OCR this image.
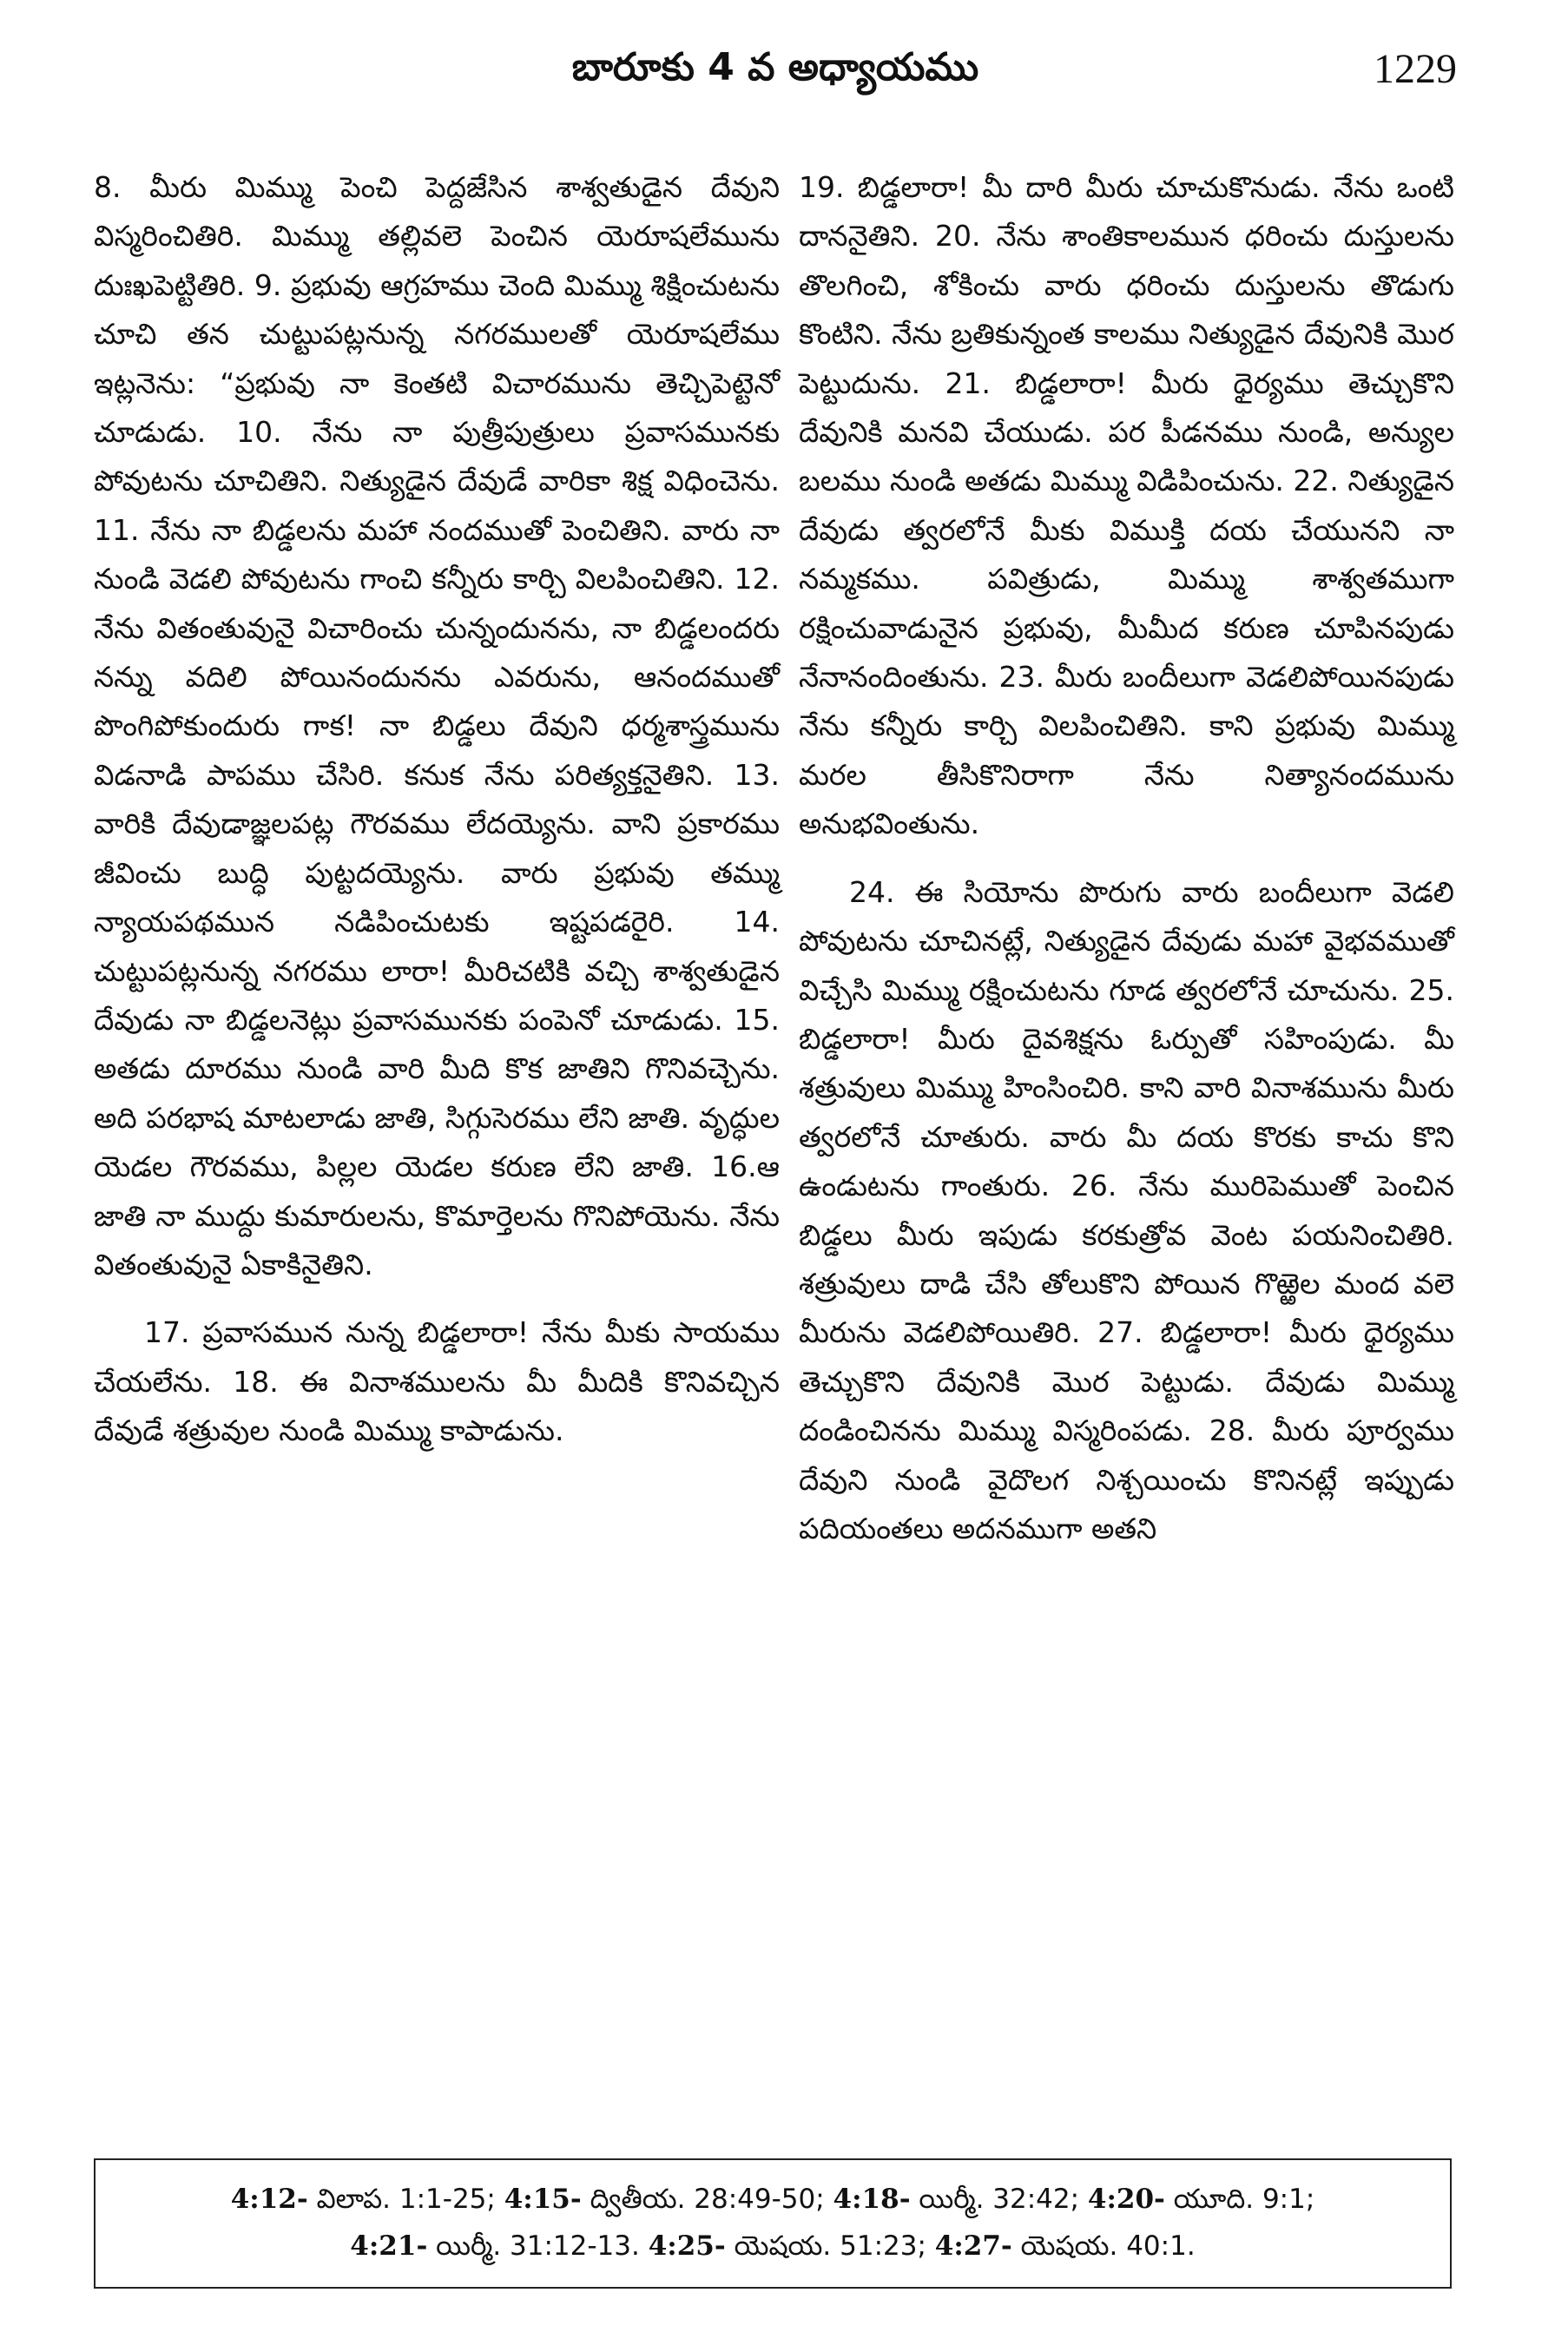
బారూకు 4 వ అధ్యాయము	1229

8. మీరు మిమ్ము పెంచి పెద్దజేసిన శాశ్వతుడైన దేవుని విస్మరించితిరి. మిమ్ము తల్లివలె పెంచిన యెరూషలేమును దుఃఖపెట్టితిరి. 9. ప్రభువు ఆగ్రహము చెంది మిమ్ము శిక్షించుటను చూచి తన చుట్టుపట్లనున్న నగరములతో యెరూషలేము ఇట్లనెను: “ప్రభువు నా కెంతటి విచారమును తెచ్చిపెట్టెనో చూడుడు. 10. నేను నా పుత్రీపుత్రులు ప్రవాసమునకు పోవుటను చూచితిని. నిత్యుడైన దేవుడే వారికా శిక్ష విధించెను. 11. నేను నా బిడ్డలను మహా నందముతో పెంచితిని. వారు నా నుండి వెడలి పోవుటను గాంచి కన్నీరు కార్చి విలపించితిని. 12. నేను వితంతువునై విచారించు చున్నందునను, నా బిడ్డలందరు నన్ను వదిలి పోయినందునను ఎవరును, ఆనందముతో పొంగిపోకుందురు గాక! నా బిడ్డలు దేవుని ధర్మశాస్త్రమును విడనాడి పాపము చేసిరి. కనుక నేను పరిత్యక్తనైతిని. 13. వారికి దేవుడాజ్ఞలపట్ల గౌరవము లేదయ్యెను. వాని ప్రకారము జీవించు బుద్ధి పుట్టదయ్యెను. వారు ప్రభువు తమ్ము న్యాయపథమున నడిపించుటకు ఇష్టపడరైరి. 14. చుట్టుపట్లనున్న నగరము లారా! మీరిచటికి వచ్చి శాశ్వతుడైన దేవుడు నా బిడ్డలనెట్లు ప్రవాసమునకు పంపెనో చూడుడు. 15. అతడు దూరము నుండి వారి మీది కొక జాతిని గొనివచ్చెను. అది పరభాష మాటలాడు జాతి, సిగ్గుసెరము లేని జాతి. వృద్ధుల యెడల గౌరవము, పిల్లల యెడల కరుణ లేని జాతి. 16.ఆ జాతి నా ముద్దు కుమారులను, కొమార్తెలను గొనిపోయెను. నేను వితంతువునై ఏకాకినైతిని.

17. ప్రవాసమున నున్న బిడ్డలారా! నేను మీకు సాయము చేయలేను. 18. ఈ వినాశములను మీ మీదికి కొనివచ్చిన దేవుడే శత్రువుల నుండి మిమ్ము కాపాడును.

19. బిడ్డలారా! మీ దారి మీరు చూచుకొనుడు. నేను ఒంటి దాననైతిని. 20. నేను శాంతికాలమున ధరించు దుస్తులను తొలగించి, శోకించు వారు ధరించు దుస్తులను తొడుగు కొంటిని. నేను బ్రతికున్నంత కాలము నిత్యుడైన దేవునికి మొర పెట్టుదును. 21. బిడ్డలారా! మీరు ధైర్యము తెచ్చుకొని దేవునికి మనవి చేయుడు. పర పీడనము నుండి, అన్యుల బలము నుండి అతడు మిమ్ము విడిపించును. 22. నిత్యుడైన దేవుడు త్వరలోనే మీకు విముక్తి దయ చేయునని నా నమ్మకము. పవిత్రుడు, మిమ్ము శాశ్వతముగా రక్షించువాడునైన ప్రభువు, మీమీద కరుణ చూపినపుడు నేనానందింతును. 23. మీరు బందీలుగా వెడలిపోయినపుడు నేను కన్నీరు కార్చి విలపించితిని. కాని ప్రభువు మిమ్ము మరల తీసికొనిరాగా నేను నిత్యానందమును అనుభవింతును.

24. ఈ సియోను పొరుగు వారు బందీలుగా వెడలి పోవుటను చూచినట్లే, నిత్యుడైన దేవుడు మహా వైభవముతో విచ్చేసి మిమ్ము రక్షించుటను గూడ త్వరలోనే చూచును. 25. బిడ్డలారా! మీరు దైవశిక్షను ఓర్పుతో సహింపుడు. మీ శత్రువులు మిమ్ము హింసించిరి. కాని వారి వినాశమును మీరు త్వరలోనే చూతురు. వారు మీ దయ కొరకు కాచు కొని ఉండుటను గాంతురు. 26. నేను మురిపెముతో పెంచిన బిడ్డలు మీరు ఇపుడు కరకుత్రోవ వెంట పయనించితిరి. శత్రువులు దాడి చేసి తోలుకొని పోయిన గొఱ్ఱెల మంద వలె మీరును వెడలిపోయితిరి. 27. బిడ్డలారా! మీరు ధైర్యము తెచ్చుకొని దేవునికి మొర పెట్టుడు. దేవుడు మిమ్ము దండించినను మిమ్ము విస్మరింపడు. 28. మీరు పూర్వము దేవుని నుండి వైదొలగ నిశ్చయించు కొనినట్లే ఇప్పుడు పదియంతలు అదనముగా అతని

4:12- విలాప. 1:1-25; 4:15- ద్వితీయ. 28:49-50; 4:18- యిర్మీ. 32:42; 4:20- యూది. 9:1;
4:21- యిర్మీ. 31:12-13. 4:25- యెషయ. 51:23; 4:27- యెషయ. 40:1.
